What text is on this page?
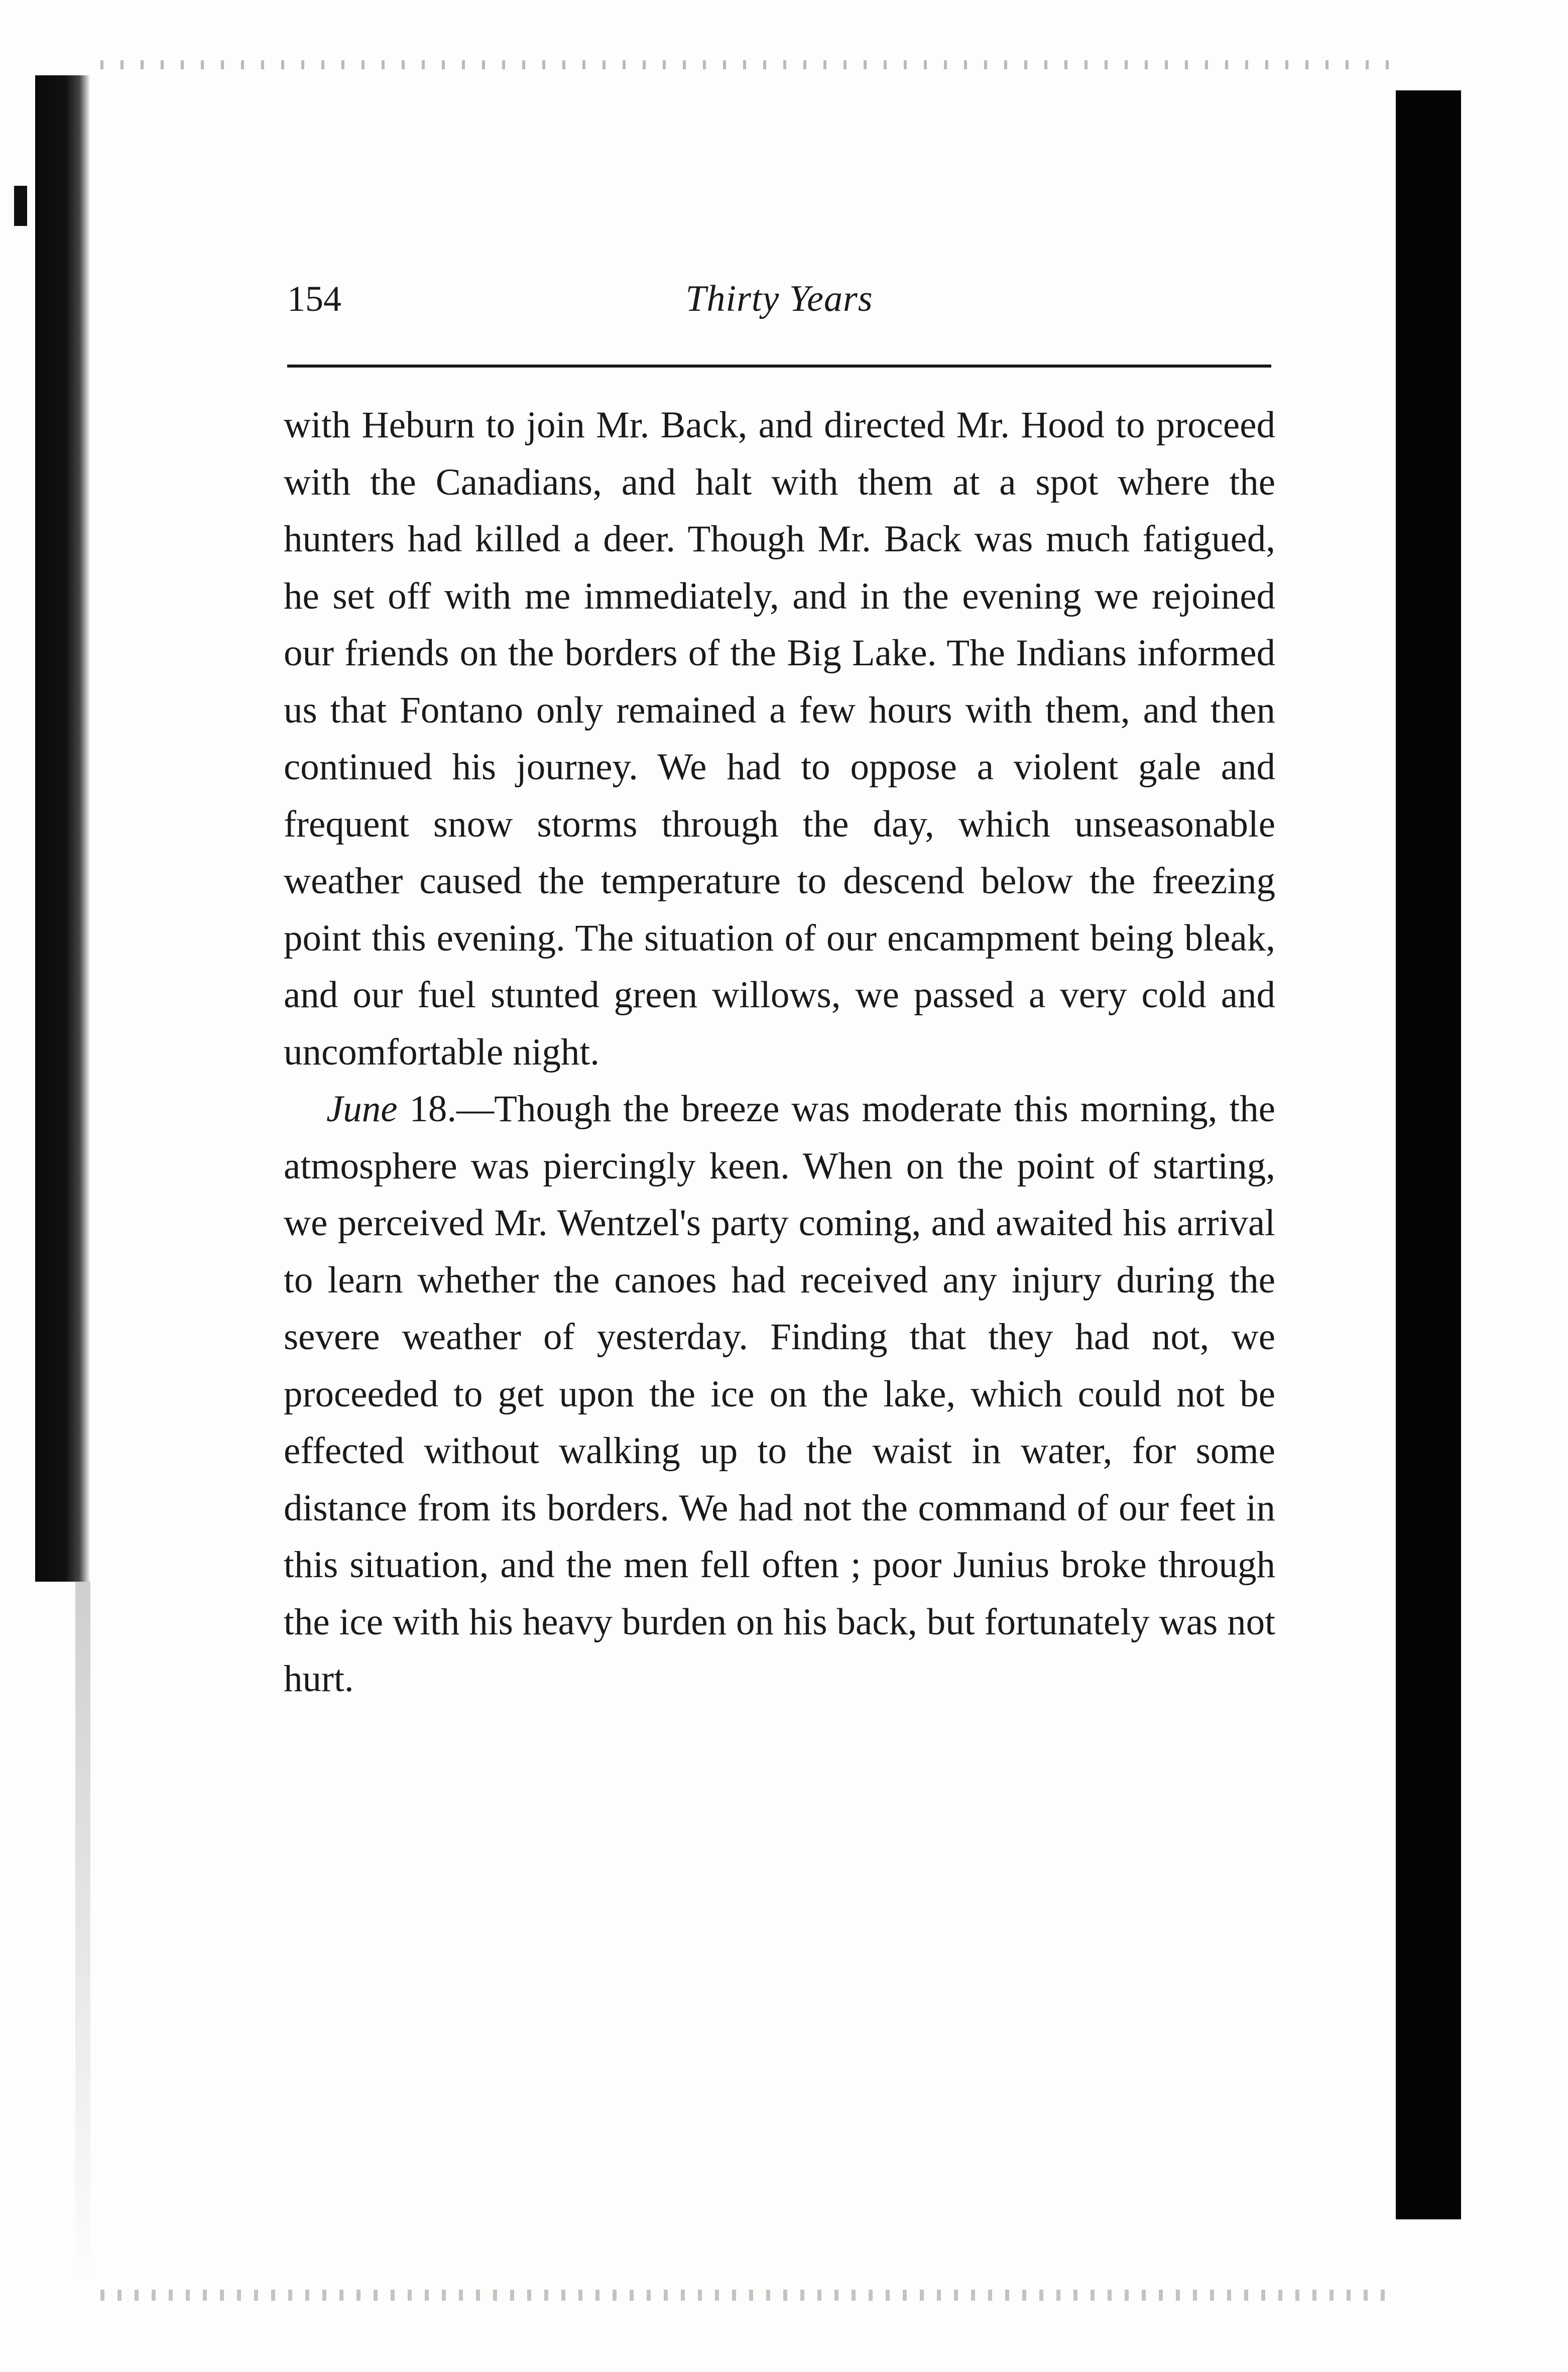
154	Thirty Years

with Heburn to join Mr. Back, and directed Mr. Hood to proceed with the Canadians, and halt with them at a spot where the hunters had killed a deer. Though Mr. Back was much fatigued, he set off with me immediately, and in the evening we rejoined our friends on the borders of the Big Lake. The Indians informed us that Fontano only remained a few hours with them, and then continued his journey. We had to oppose a violent gale and frequent snow storms through the day, which unseasonable weather caused the temperature to descend below the freezing point this evening. The situation of our encampment being bleak, and our fuel stunted green willows, we passed a very cold and uncomfortable night.

June 18.—Though the breeze was moderate this morning, the atmosphere was piercingly keen. When on the point of starting, we perceived Mr. Wentzel's party coming, and awaited his arrival to learn whether the canoes had received any injury during the severe weather of yesterday. Finding that they had not, we proceeded to get upon the ice on the lake, which could not be effected without walking up to the waist in water, for some distance from its borders. We had not the command of our feet in this situation, and the men fell often ; poor Junius broke through the ice with his heavy burden on his back, but fortunately was not hurt.
